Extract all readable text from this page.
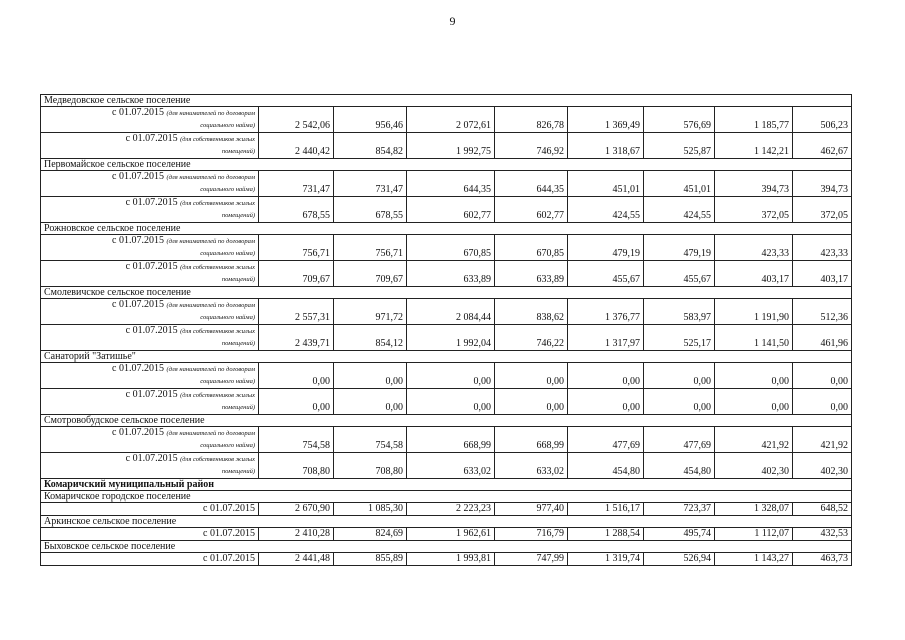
9
Медведовское сельское поселение								
с 01.07.2015 (для нанимателей по договорам
социального найма)	2 542,06	956,46	2 072,61	826,78	1 369,49	576,69	1 185,77	506,23
с 01.07.2015 (для собственников жилых
помещений)	2 440,42	854,82	1 992,75	746,92	1 318,67	525,87	1 142,21	462,67
Первомайское сельское поселение								
с 01.07.2015 (для нанимателей по договорам
социального найма)	731,47	731,47	644,35	644,35	451,01	451,01	394,73	394,73
с 01.07.2015 (для собственников жилых
помещений)	678,55	678,55	602,77	602,77	424,55	424,55	372,05	372,05
Рожновское сельское поселение								
с 01.07.2015 (для нанимателей по договорам
социального найма)	756,71	756,71	670,85	670,85	479,19	479,19	423,33	423,33
с 01.07.2015 (для собственников жилых
помещений)	709,67	709,67	633,89	633,89	455,67	455,67	403,17	403,17
Смолевичское сельское поселение								
с 01.07.2015 (для нанимателей по договорам
социального найма)	2 557,31	971,72	2 084,44	838,62	1 376,77	583,97	1 191,90	512,36
с 01.07.2015 (для собственников жилых
помещений)	2 439,71	854,12	1 992,04	746,22	1 317,97	525,17	1 141,50	461,96
Санаторий "Затишье"								
с 01.07.2015 (для нанимателей по договорам
социального найма)	0,00	0,00	0,00	0,00	0,00	0,00	0,00	0,00
с 01.07.2015 (для собственников жилых
помещений)	0,00	0,00	0,00	0,00	0,00	0,00	0,00	0,00
Смотровобудское сельское поселение								
с 01.07.2015 (для нанимателей по договорам
социального найма)	754,58	754,58	668,99	668,99	477,69	477,69	421,92	421,92
с 01.07.2015 (для собственников жилых
помещений)	708,80	708,80	633,02	633,02	454,80	454,80	402,30	402,30
Комаричский муниципальный район								
Комаричское городское поселение								
с 01.07.2015	2 670,90	1 085,30	2 223,23	977,40	1 516,17	723,37	1 328,07	648,52
Аркинское сельское поселение								
с 01.07.2015	2 410,28	824,69	1 962,61	716,79	1 288,54	495,74	1 112,07	432,53
Быховское сельское поселение								
с 01.07.2015	2 441,48	855,89	1 993,81	747,99	1 319,74	526,94	1 143,27	463,73
